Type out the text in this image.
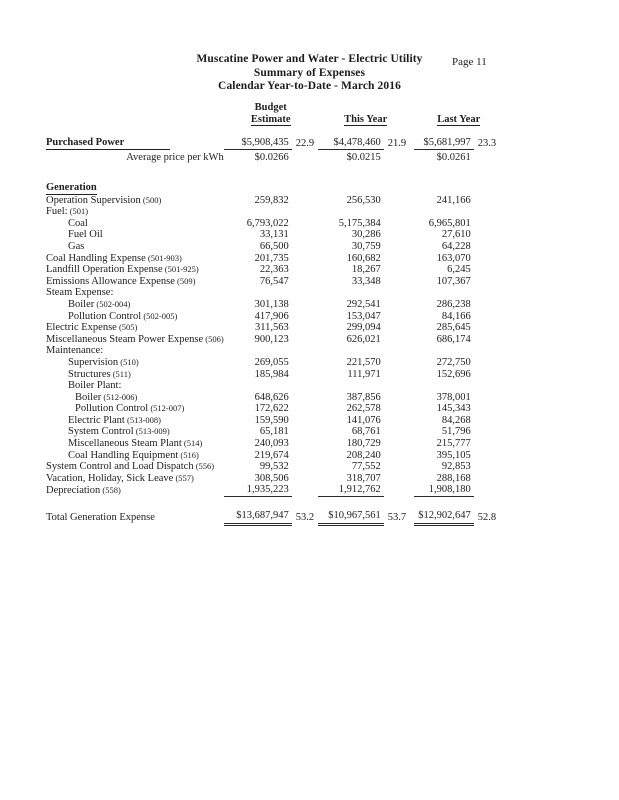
Muscatine Power and Water - Electric Utility
Summary of Expenses
Calendar Year-to-Date - March 2016
Page 11
	Budget					
	Estimate		This Year		Last Year	

Purchased Power	$5,908,435	22.9	$4,478,460	21.9	$5,681,997	23.3
Average price per kWh	$0.0266		$0.0215		$0.0261	

Generation						
Operation Supervision (500)	259,832		256,530		241,166	
Fuel: (501)						
Coal	6,793,022		5,175,384		6,965,801	
Fuel Oil	33,131		30,286		27,610	
Gas	66,500		30,759		64,228	
Coal Handling Expense (501-903)	201,735		160,682		163,070	
Landfill Operation Expense (501-925)	22,363		18,267		6,245	
Emissions Allowance Expense (509)	76,547		33,348		107,367	
Steam Expense:						
Boiler (502-004)	301,138		292,541		286,238	
Pollution Control (502-005)	417,906		153,047		84,166	
Electric Expense (505)	311,563		299,094		285,645	
Miscellaneous Steam Power Expense (506)	900,123		626,021		686,174	
Maintenance:						
Supervision (510)	269,055		221,570		272,750	
Structures (511)	185,984		111,971		152,696	
Boiler Plant:						
Boiler (512-006)	648,626		387,856		378,001	
Pollution Control (512-007)	172,622		262,578		145,343	
Electric Plant (513-008)	159,590		141,076		84,268	
System Control (513-009)	65,181		68,761		51,796	
Miscellaneous Steam Plant (514)	240,093		180,729		215,777	
Coal Handling Equipment (516)	219,674		208,240		395,105	
System Control and Load Dispatch (556)	99,532		77,552		92,853	
Vacation, Holiday, Sick Leave (557)	308,506		318,707		288,168	
Depreciation (558)	1,935,223		1,912,762		1,908,180	

Total Generation Expense	$13,687,947	53.2	$10,967,561	53.7	$12,902,647	52.8
